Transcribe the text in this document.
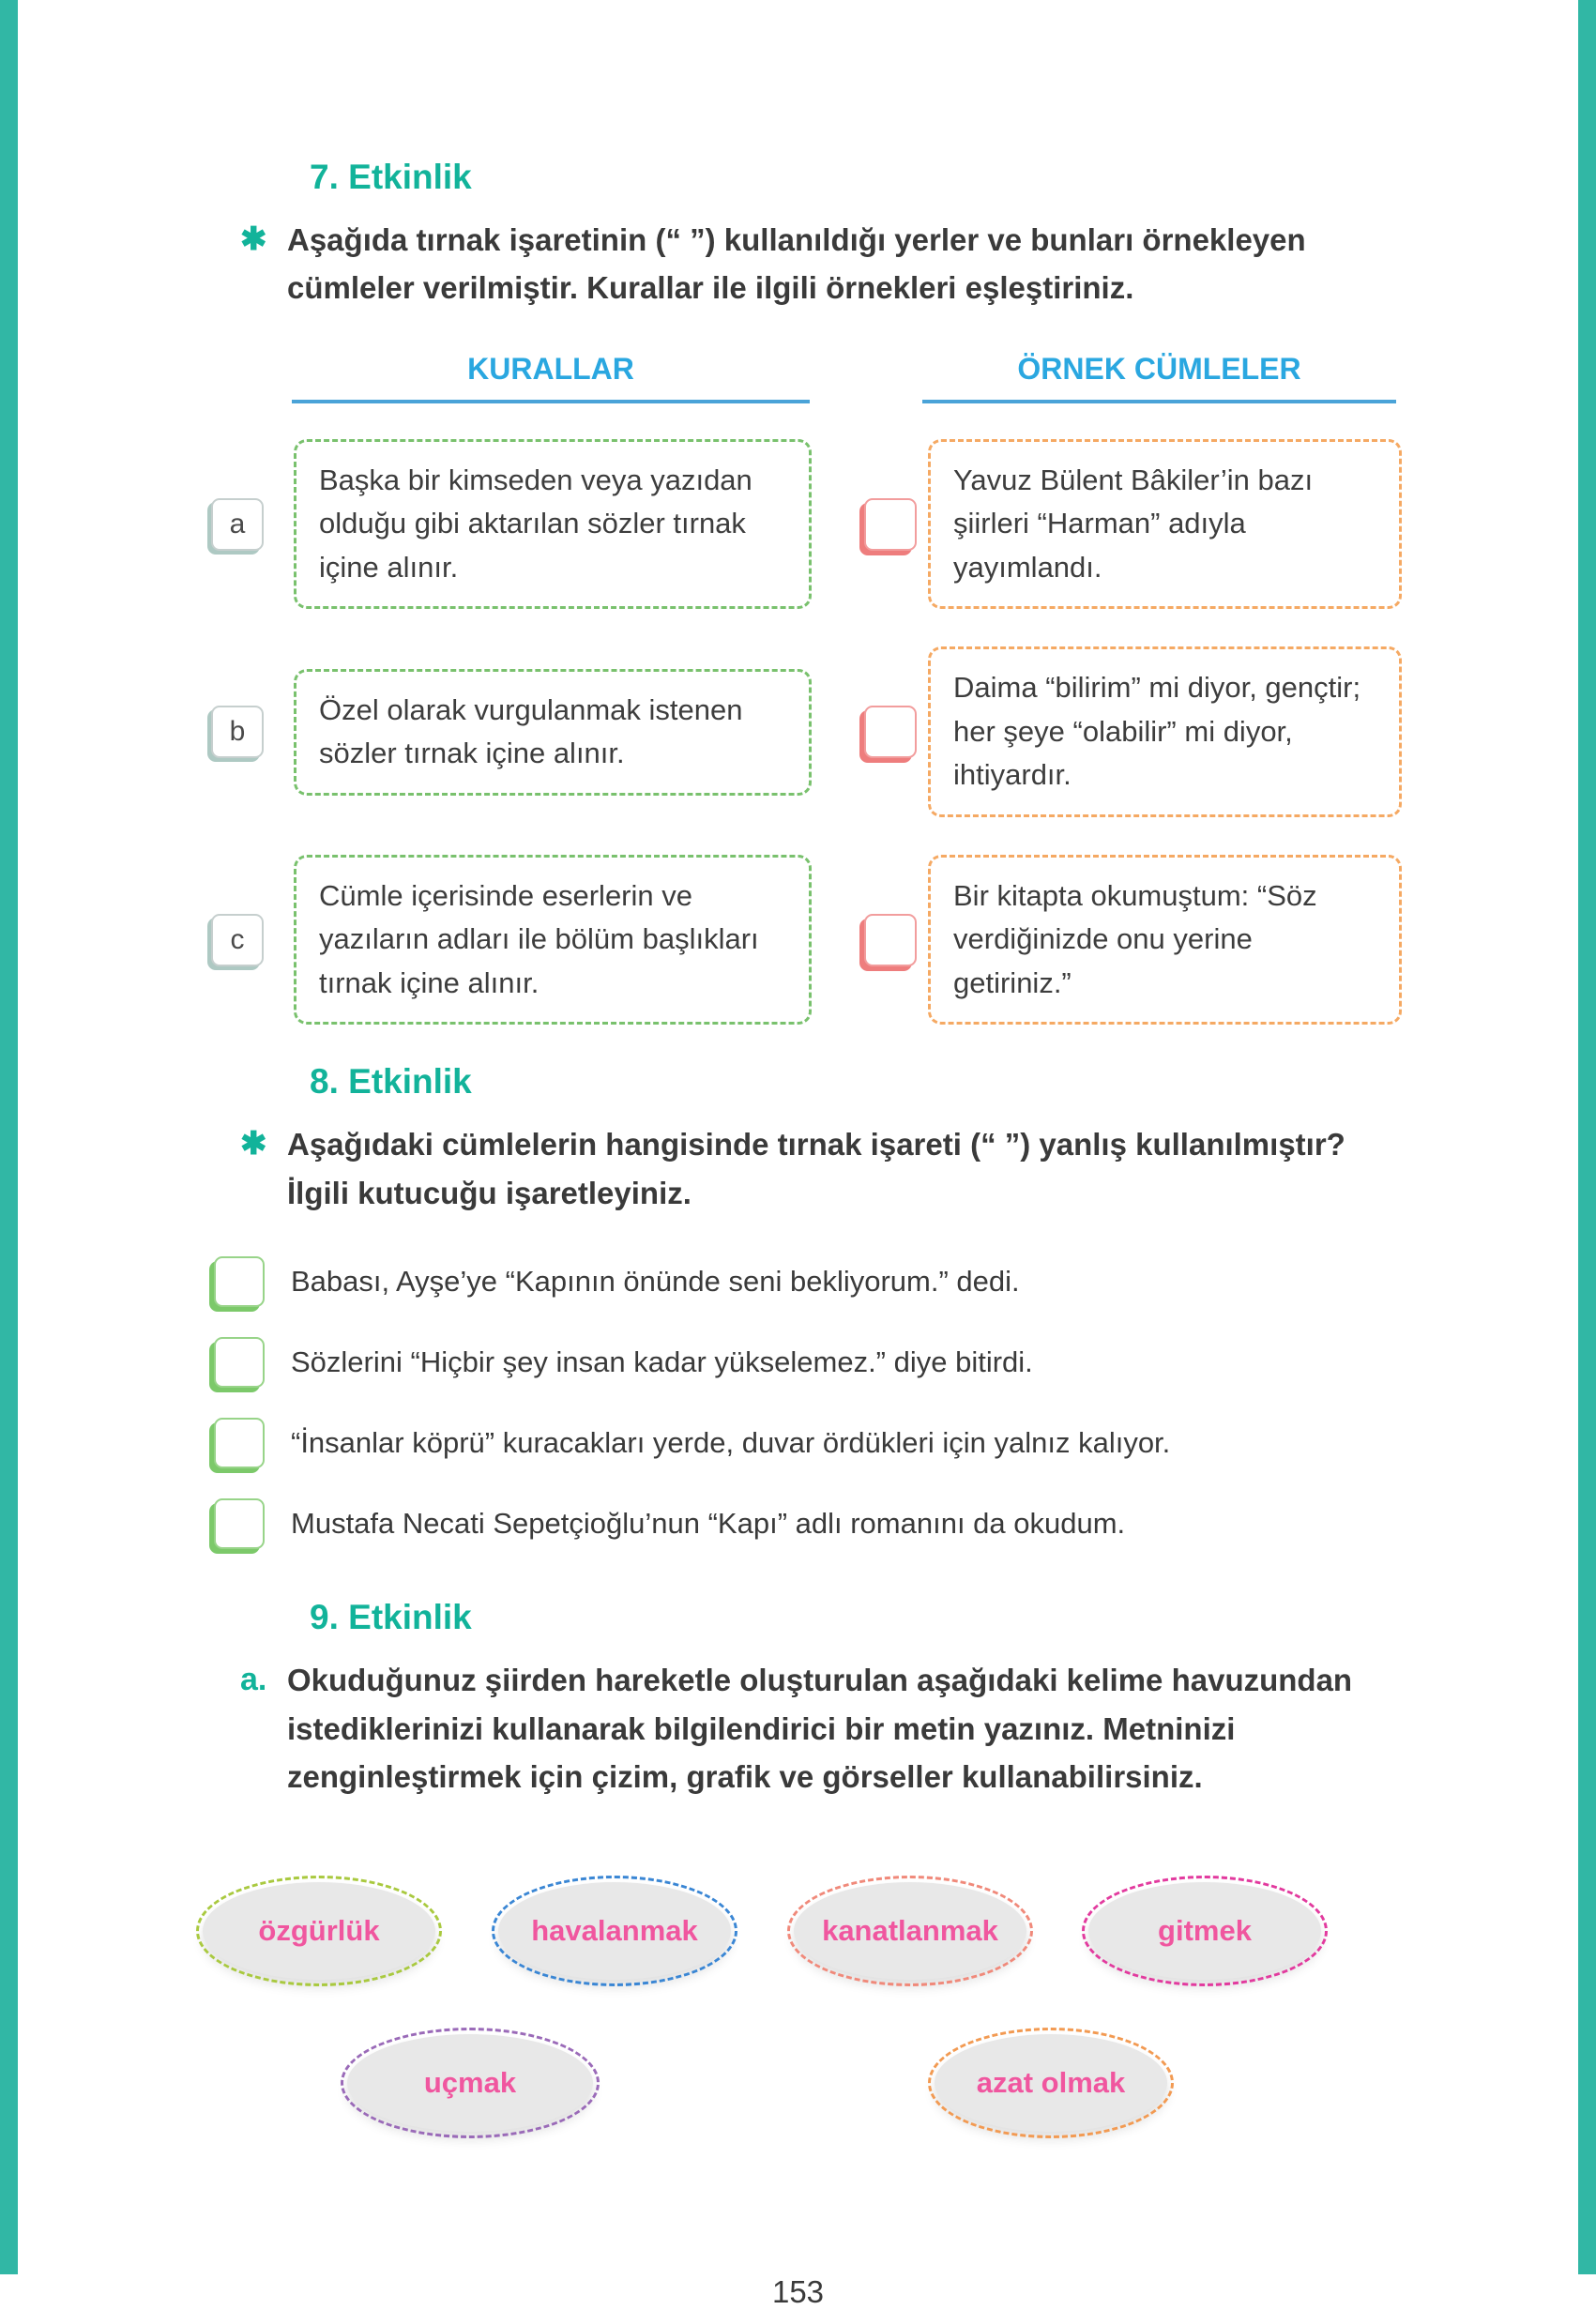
7. Etkinlik
✱ Aşağıda tırnak işaretinin (“ ”) kullanıldığı yerler ve bunları örnekleyen cümleler verilmiştir. Kurallar ile ilgili örnekleri eşleştiriniz.

KURALLAR	ÖRNEK CÜMLELER
a
Başka bir kimseden veya yazıdan olduğu gibi aktarılan sözler tırnak içine alınır.
Yavuz Bülent Bâkiler’in bazı şiirleri “Harman” adıyla yayımlandı.
b
Özel olarak vurgulanmak istenen sözler tırnak içine alınır.
Daima “bilirim” mi diyor, gençtir; her şeye “olabilir” mi diyor, ihtiyardır.
c
Cümle içerisinde eserlerin ve yazıların adları ile bölüm başlıkları tırnak içine alınır.
Bir kitapta okumuştum: “Söz verdiğinizde onu yerine getiriniz.”
8. Etkinlik
✱ Aşağıdaki cümlelerin hangisinde tırnak işareti (“ ”) yanlış kullanılmıştır? İlgili kutucuğu işaretleyiniz.

Babası, Ayşe’ye “Kapının önünde seni bekliyorum.” dedi.
Sözlerini “Hiçbir şey insan kadar yükselemez.” diye bitirdi.
“İnsanlar köprü” kuracakları yerde, duvar ördükleri için yalnız kalıyor.
Mustafa Necati Sepetçioğlu’nun “Kapı” adlı romanını da okudum.
9. Etkinlik
a. Okuduğunuz şiirden hareketle oluşturulan aşağıdaki kelime havuzundan istediklerinizi kullanarak bilgilendirici bir metin yazınız. Metninizi zenginleştirmek için çizim, grafik ve görseller kullanabilirsiniz.

özgürlük	havalanmak	kanatlanmak	gitmek
uçmak	azat olmak
153
